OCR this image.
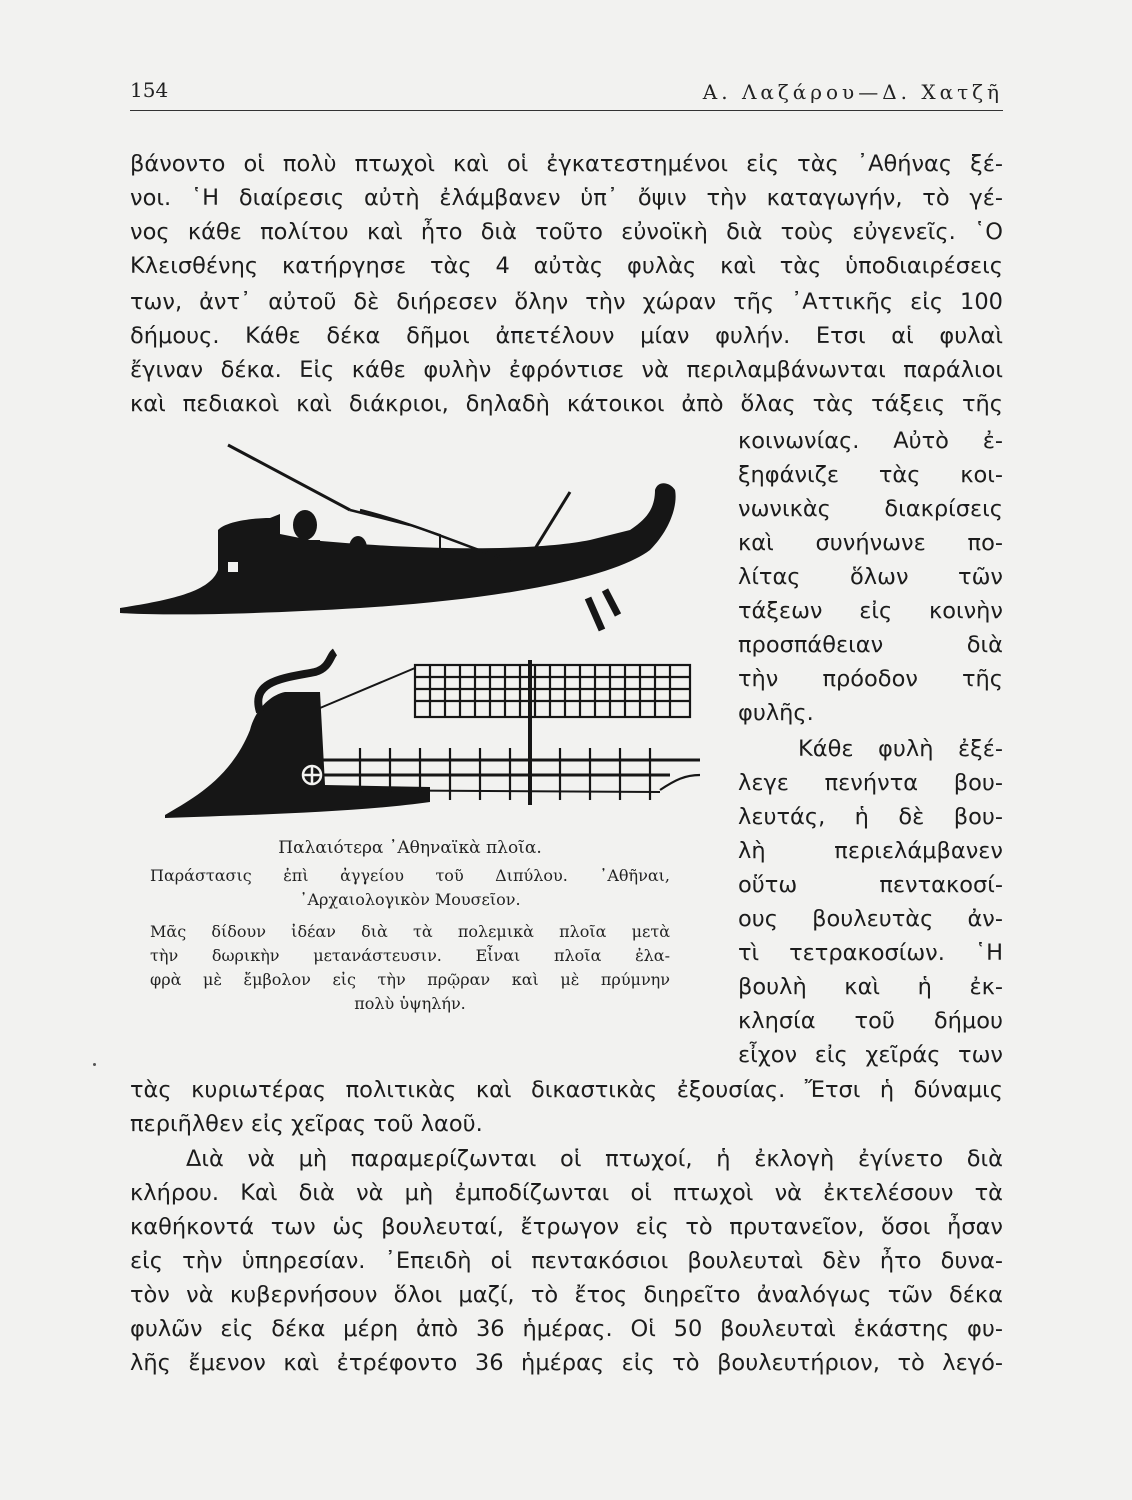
154	Α. Λαζάρου—Δ. Χατζῆ
βάνοντο οἱ πολὺ πτωχοὶ καὶ οἱ ἐγκατεστημένοι εἰς τὰς ᾿Αθήνας ξέ-
νοι. ῾Η διαίρεσις αὐτὴ ἐλάμβανεν ὑπ᾿ ὄψιν τὴν καταγωγήν, τὸ γέ-
νος κάθε πολίτου καὶ ἦτο διὰ τοῦτο εὐνοϊκὴ διὰ τοὺς εὐγενεῖς. ῾Ο
Κλεισθένης κατήργησε τὰς 4 αὐτὰς φυλὰς καὶ τὰς ὑποδιαιρέσεις
των, ἀντ᾿ αὐτοῦ δὲ διήρεσεν ὅλην τὴν χώραν τῆς ᾿Αττικῆς εἰς 100
δήμους. Κάθε δέκα δῆμοι ἀπετέλουν μίαν φυλήν. Ετσι αἱ φυλαὶ
ἔγιναν δέκα. Εἰς κάθε φυλὴν ἐφρόντισε νὰ περιλαμβάνωνται παράλιοι
καὶ πεδιακοὶ καὶ διάκριοι, δηλαδὴ κάτοικοι ἀπὸ ὅλας τὰς τάξεις τῆς
κοινωνίας. Αὐτὸ ἐ-
ξηφάνιζε τὰς κοι-
νωνικὰς διακρίσεις
καὶ συνήνωνε πο-
λίτας ὅλων τῶν
τάξεων εἰς κοινὴν
προσπάθειαν διὰ
τὴν πρόοδον τῆς
φυλῆς.
Κάθε φυλὴ ἐξέ-
λεγε πενήντα βου-
λευτάς, ἡ δὲ βου-
λὴ περιελάμβανεν
οὕτω πεντακοσί-
ους βουλευτὰς ἀν-
τὶ τετρακοσίων. ῾Η
βουλὴ καὶ ἡ ἐκ-
κλησία τοῦ δήμου
εἶχον εἰς χεῖράς των
Παλαιότερα ᾿Αθηναϊκὰ πλοῖα.
Παράστασις ἐπὶ ἀγγείου τοῦ Διπύλου. ᾿Αθῆναι,
᾿Αρχαιολογικὸν Μουσεῖον.
Μᾶς δίδουν ἰδέαν διὰ τὰ πολεμικὰ πλοῖα μετὰ
τὴν δωρικὴν μετανάστευσιν. Εἶναι πλοῖα ἐλα-
φρὰ μὲ ἔμβολον εἰς τὴν πρῷραν καὶ μὲ πρύμνην
πολὺ ὑψηλήν.
τὰς κυριωτέρας πολιτικὰς καὶ δικαστικὰς ἐξουσίας. Ἔτσι ἡ δύναμις
περιῆλθεν εἰς χεῖρας τοῦ λαοῦ.
Διὰ νὰ μὴ παραμερίζωνται οἱ πτωχοί, ἡ ἐκλογὴ ἐγίνετο διὰ
κλήρου. Καὶ διὰ νὰ μὴ ἐμποδίζωνται οἱ πτωχοὶ νὰ ἐκτελέσουν τὰ
καθήκοντά των ὡς βουλευταί, ἔτρωγον εἰς τὸ πρυτανεῖον, ὅσοι ἦσαν
εἰς τὴν ὑπηρεσίαν. ᾿Επειδὴ οἱ πεντακόσιοι βουλευταὶ δὲν ἦτο δυνα-
τὸν νὰ κυβερνήσουν ὅλοι μαζί, τὸ ἔτος διηρεῖτο ἀναλόγως τῶν δέκα
φυλῶν εἰς δέκα μέρη ἀπὸ 36 ἡμέρας. Οἱ 50 βουλευταὶ ἑκάστης φυ-
λῆς ἔμενον καὶ ἐτρέφοντο 36 ἡμέρας εἰς τὸ βουλευτήριον, τὸ λεγό-
